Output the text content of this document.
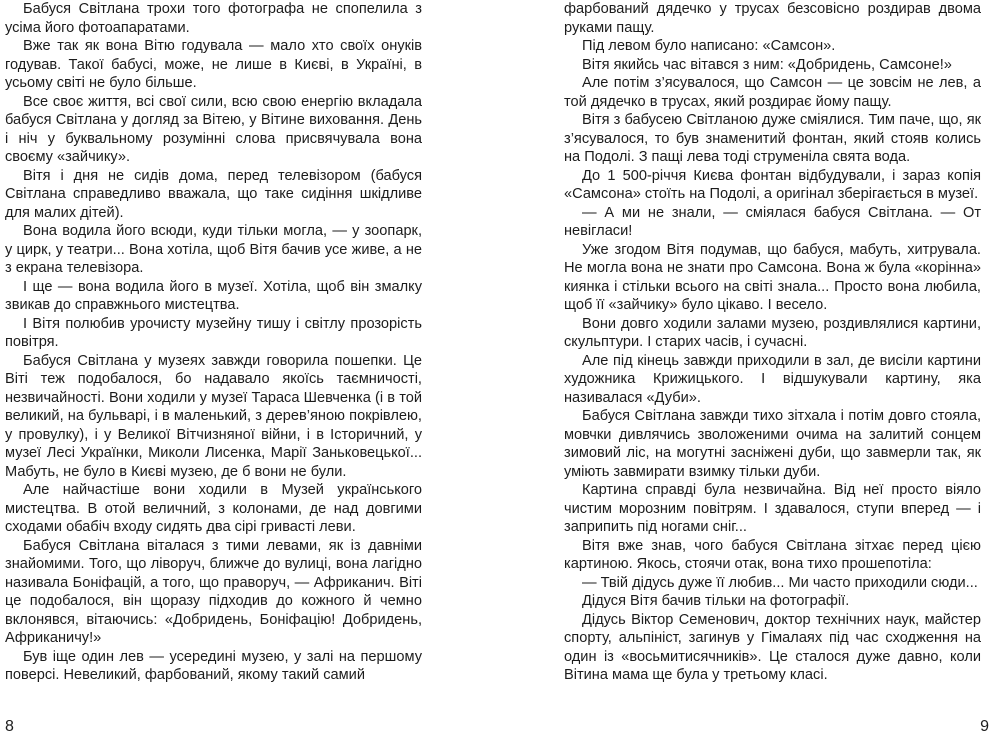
Бабуся Світлана трохи того фотографа не спопелила з усіма його фотоапаратами.

Вже так як вона Вітю годувала — мало хто своїх онуків годував. Такої бабусі, може, не лише в Києві, в Україні, в усьому світі не було більше.

Все своє життя, всі свої сили, всю свою енергію вкладала бабуся Світлана у догляд за Вітею, у Вітине виховання. День і ніч у буквальному розумінні слова присвячувала вона своєму «зайчику».

Вітя і дня не сидів дома, перед телевізором (бабуся Світлана справедливо вважала, що таке сидіння шкідливе для малих дітей).

Вона водила його всюди, куди тільки могла, — у зоопарк, у цирк, у театри... Вона хотіла, щоб Вітя бачив усе живе, а не з екрана телевізора.

І ще — вона водила його в музеї. Хотіла, щоб він змалку звикав до справжнього мистецтва.

І Вітя полюбив урочисту музейну тишу і світлу прозорість повітря.

Бабуся Світлана у музеях завжди говорила пошепки. Це Віті теж подобалося, бо надавало якоїсь таємничості, незвичайності. Вони ходили у музеї Тараса Шевченка (і в той великий, на бульварі, і в маленький, з дерев’яною покрівлею, у провулку), і у Великої Вітчизняної війни, і в Історичний, у музеї Лесі Українки, Миколи Лисенка, Марії Заньковецької... Мабуть, не було в Києві музею, де б вони не були.

Але найчастіше вони ходили в Музей українського мистецтва. В отой величний, з колонами, де над довгими сходами обабіч входу сидять два сірі гриваcті леви.

Бабуся Світлана віталася з тими левами, як із давніми знайомими. Того, що ліворуч, ближче до вулиці, вона лагідно називала Боніфацій, а того, що праворуч, — Африканич. Віті це подобалося, він щоразу підходив до кожного й чемно вклонявся, вітаючись: «Добридень, Боніфацію! Добридень, Африканичу!»

Був іще один лев — усередині музею, у залі на першому поверсі. Невеликий, фарбований, якому такий самий

8

фарбований дядечко у трусах безсовісно роздирав двома руками пащу.

Під левом було написано: «Самсон».

Вітя якийсь час вітався з ним: «Добридень, Самсоне!»

Але потім з’ясувалося, що Самсон — це зовсім не лев, а той дядечко в трусах, який роздирає йому пащу.

Вітя з бабусею Світланою дуже сміялися. Тим паче, що, як з’ясувалося, то був знаменитий фонтан, який стояв колись на Подолі. З пащі лева тоді струменіла свята вода.

До 1 500-річчя Києва фонтан відбудували, і зараз копія «Самсона» стоїть на Подолі, а оригінал зберігається в музеї.

— А ми не знали, — сміялася бабуся Світлана. — От невігласи!

Уже згодом Вітя подумав, що бабуся, мабуть, хитрувала. Не могла вона не знати про Самсона. Вона ж була «корінна» киянка і стільки всього на світі знала... Просто вона любила, щоб її «зайчику» було цікаво. І весело.

Вони довго ходили залами музею, роздивлялися картини, скульптури. І старих часів, і сучасні.

Але під кінець завжди приходили в зал, де висіли картини художника Крижицького. І відшукували картину, яка називалася «Дуби».

Бабуся Світлана завжди тихо зітхала і потім довго стояла, мовчки дивлячись зволоженими очима на залитий сонцем зимовий ліс, на могутні засніжені дуби, що завмерли так, як уміють завмирати взимку тільки дуби.

Картина справді була незвичайна. Від неї просто віяло чистим морозним повітрям. І здавалося, ступи вперед — і заприпить під ногами сніг...

Вітя вже знав, чого бабуся Світлана зітхає перед цією картиною. Якось, стоячи отак, вона тихо прошепотіла:

— Твій дідусь дуже її любив... Ми часто приходили сюди...

Дідуся Вітя бачив тільки на фотографії.

Дідусь Віктор Семенович, доктор технічних наук, майстер спорту, альпініст, загинув у Гімалаях під час сходження на один із «восьмитисячників». Це сталося дуже давно, коли Вітина мама ще була у третьому класі.

9
